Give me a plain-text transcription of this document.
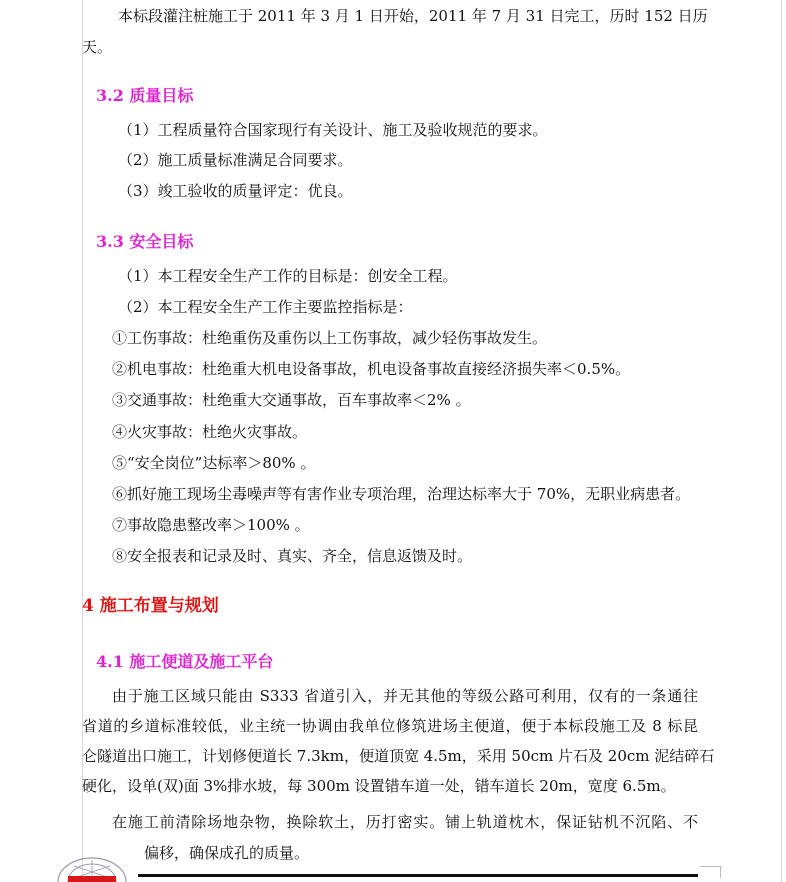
本标段灌注桩施工于 2011 年 3 月 1 日开始，2011 年 7 月 31 日完工，历时 152 日历
天。
3.2 质量目标
（1）工程质量符合国家现行有关设计、施工及验收规范的要求。
（2）施工质量标准满足合同要求。
（3）竣工验收的质量评定：优良。
3.3 安全目标
（1）本工程安全生产工作的目标是：创安全工程。
（2）本工程安全生产工作主要监控指标是：
①工伤事故：杜绝重伤及重伤以上工伤事故，减少轻伤事故发生。
②机电事故：杜绝重大机电设备事故，机电设备事故直接经济损失率＜0.5%。
③交通事故：杜绝重大交通事故，百车事故率＜2% 。
④火灾事故：杜绝火灾事故。
⑤“安全岗位”达标率＞80% 。
⑥抓好施工现场尘毒噪声等有害作业专项治理，治理达标率大于 70%，无职业病患者。
⑦事故隐患整改率＞100% 。
⑧安全报表和记录及时、真实、齐全，信息返馈及时。
4 施工布置与规划
4.1 施工便道及施工平台
由于施工区域只能由 S333 省道引入，并无其他的等级公路可利用，仅有的一条通往
省道的乡道标准较低，业主统一协调由我单位修筑进场主便道，便于本标段施工及 8 标昆
仑隧道出口施工，计划修便道长 7.3km，便道顶宽 4.5m，采用 50cm 片石及 20cm 泥结碎石
硬化，设单(双)面 3%排水坡，每 300m 设置错车道一处，错车道长 20m，宽度 6.5m。
在施工前清除场地杂物，换除软土，历打密实。铺上轨道枕木，保证钻机不沉陷、不
偏移，确保成孔的质量。
